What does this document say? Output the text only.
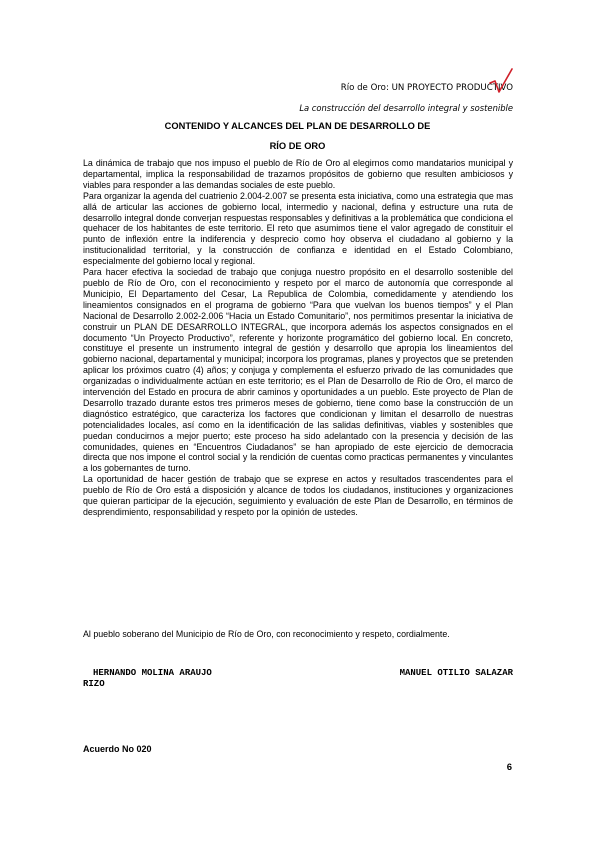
Río de Oro: UN PROYECTO PRODUCTIVO
La construcción del desarrollo integral y sostenible
CONTENIDO Y ALCANCES DEL PLAN DE DESARROLLO DE
RÍO DE ORO

La dinámica de trabajo que nos impuso el pueblo de Río de Oro al elegirnos como mandatarios municipal y departamental, implica la responsabilidad de trazarnos propósitos de gobierno que resulten ambiciosos y viables para responder a las demandas sociales de este pueblo.

Para organizar la agenda del cuatrienio 2.004-2.007 se presenta esta iniciativa, como una estrategia que mas allá de articular las acciones de gobierno local, intermedio y nacional, defina y estructure una ruta de desarrollo integral donde converjan respuestas responsables y definitivas a la problemática que condiciona el quehacer de los habitantes de este territorio. El reto que asumimos tiene el valor agregado de constituir el punto de inflexión entre la indiferencia y desprecio como hoy observa el ciudadano al gobierno y la institucionalidad territorial, y la construcción de confianza e identidad en el Estado Colombiano, especialmente del gobierno local y regional.

Para hacer efectiva la sociedad de trabajo que conjuga nuestro propósito en el desarrollo sostenible del pueblo de Río de Oro, con el reconocimiento y respeto por el marco de autonomía que corresponde al Municipio, El Departamento del Cesar, La Republica de Colombia, comedidamente y atendiendo los lineamientos consignados en el programa de gobierno “Para que vuelvan los buenos tiempos” y el Plan Nacional de Desarrollo 2.002-2.006 “Hacia un Estado Comunitario”, nos permitimos presentar la iniciativa de construir un PLAN DE DESARROLLO INTEGRAL, que incorpora además los aspectos consignados en el documento “Un Proyecto Productivo”, referente y horizonte programático del gobierno local. En concreto, constituye el presente un instrumento integral de gestión y desarrollo que apropia los lineamientos del gobierno nacional, departamental y municipal; incorpora los programas, planes y proyectos que se pretenden aplicar los próximos cuatro (4) años; y conjuga y complementa el esfuerzo privado de las comunidades que organizadas o individualmente actúan en este territorio; es el Plan de Desarrollo de Rio de Oro, el marco de intervención del Estado en procura de abrir caminos y oportunidades a un pueblo. Este proyecto de Plan de Desarrollo trazado durante estos tres primeros meses de gobierno, tiene como base la construcción de un diagnóstico estratégico, que caracteriza los factores que condicionan y limitan el desarrollo de nuestras potencialidades locales, así como en la identificación de las salidas definitivas, viables y sostenibles que puedan conducirnos a mejor puerto; este proceso ha sido adelantado con la presencia y decisión de las comunidades, quienes en “Encuentros Ciudadanos” se han apropiado de este ejercicio de democracia directa que nos impone el control social y la rendición de cuentas como practicas permanentes y vinculantes a los gobernantes de turno.

La oportunidad de hacer gestión de trabajo que se exprese en actos y resultados trascendentes para el pueblo de Río de Oro está a disposición y alcance de todos los ciudadanos, instituciones y organizaciones que quieran participar de la ejecución, seguimiento y evaluación de este Plan de Desarrollo, en términos de desprendimiento, responsabilidad y respeto por la opinión de ustedes.

Al pueblo soberano del Municipio de Río de Oro, con reconocimiento y respeto, cordialmente.
HERNANDO MOLINA ARAUJO	MANUEL OTILIO SALAZAR
RIZO
Acuerdo No 020
6
